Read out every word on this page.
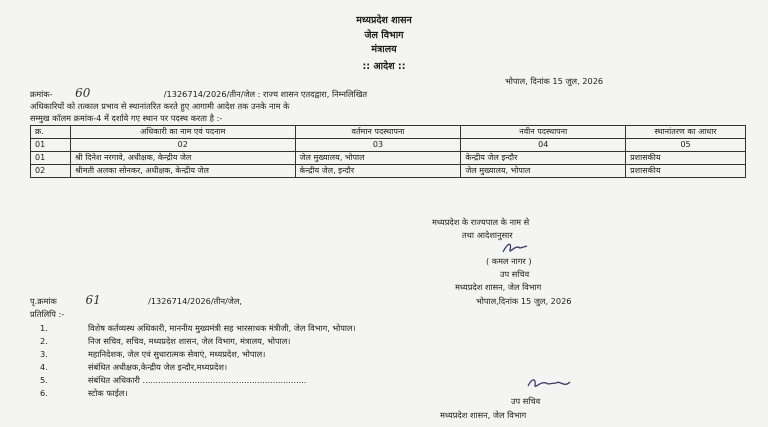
मध्यप्रदेश शासन
जेल विभाग
मंत्रालय
:: आदेश ::
भोपाल, दिनांक 15 जुल, 2026
क्रमांक- 60	/1326714/2026/तीन/जेल : राज्य शासन एतदद्वारा, निम्नलिखित
अधिकारियों को तत्काल प्रभाव से स्थानांतरित करते हुए आगामी आदेश तक उनके नाम के
सम्मुख कॉलम क्रमांक-4 में दर्शाये गए स्थान पर पदस्थ करता है :-
क्र.	अधिकारी का नाम एवं पदनाम	वर्तमान पदस्थापना	नवीन पदस्थापना	स्थानांतरण का आधार
01	02	03	04	05
01	श्री दिनेश नरगावे, अधीक्षक, केन्द्रीय जेल	जेल मुख्यालय, भोपाल	केन्द्रीय जेल इन्दौर	प्रशासकीय
02	श्रीमती अलका सोनकर, अधीक्षक, केन्द्रीय जेल	केन्द्रीय जेल, इन्दौर	जेल मुख्यालय, भोपाल	प्रशासकीय
मध्यप्रदेश के राज्यपाल के नाम से
तथा आदेशानुसार
( कमल नागर )
उप सचिव
मध्यप्रदेश शासन, जेल विभाग
पृ.क्रमांक 61	/1326714/2026/तीन/जेल,	भोपाल,दिनांक 15 जुल, 2026
प्रतिलिपि :-
1.	विशेष कर्तव्यस्थ अधिकारी, माननीय मुख्यमंत्री सह भारसाधक मंत्रीजी, जेल विभाग, भोपाल।
2.	निज सचिव, सचिव, मध्यप्रदेश शासन, जेल विभाग, मंत्रालय, भोपाल।
3.	महानिदेशक, जेल एवं सुधारात्मक सेवाएं, मध्यप्रदेश, भोपाल।
4.	संबंधित अधीक्षक,केन्द्रीय जेल इन्दौर,मध्यप्रदेश।
5.	संबंधित अधिकारी ...............................................................
6.	स्टोक फाईल।
उप सचिव
मध्यप्रदेश शासन, जेल विभाग
